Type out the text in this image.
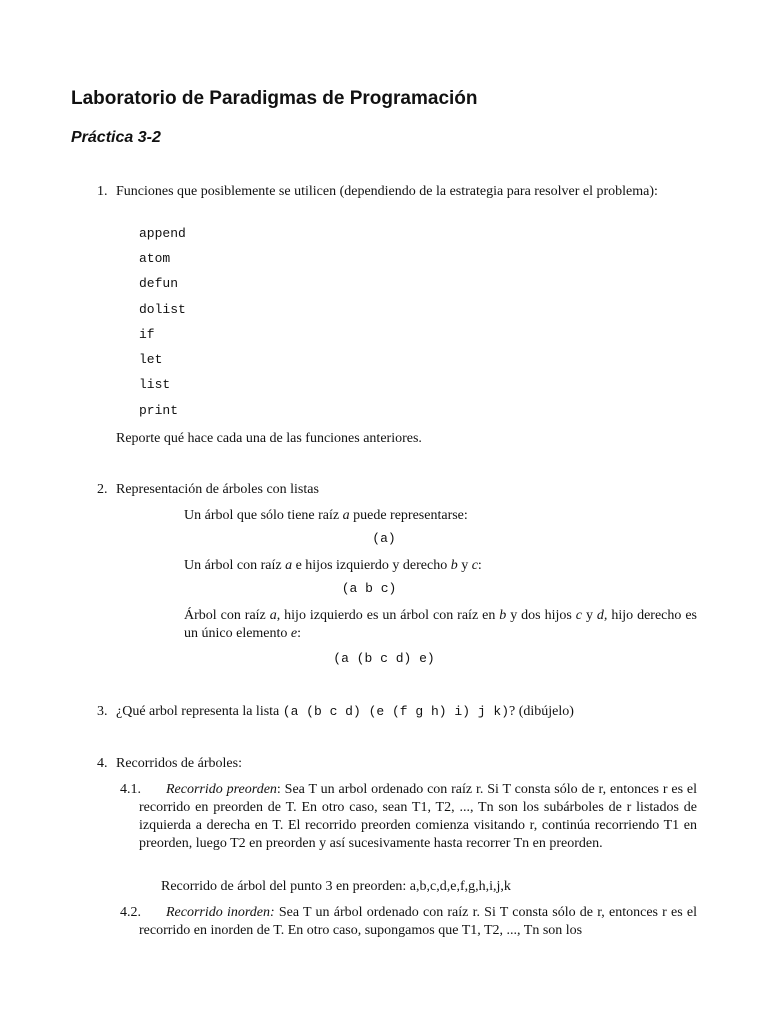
Laboratorio de Paradigmas de Programación
Práctica 3-2
1. Funciones que posiblemente se utilicen (dependiendo de la estrategia para resolver el problema):
append
atom
defun
dolist
if
let
list
print
Reporte qué hace cada una de las funciones anteriores.
2. Representación de árboles con listas
Un árbol que sólo tiene raíz a puede representarse:
(a)
Un árbol con raíz a e hijos izquierdo y derecho b y c:
(a b c)
Árbol con raíz a, hijo izquierdo es un árbol con raíz en b y dos hijos c y d, hijo derecho es un único elemento e:
(a (b c d) e)
3. ¿Qué arbol representa la lista (a (b c d) (e (f g h) i) j k)? (dibújelo)
4. Recorridos de árboles:
4.1.	Recorrido preorden: Sea T un arbol ordenado con raíz r. Si T consta sólo de r, entonces r es el recorrido en preorden de T. En otro caso, sean T1, T2, ..., Tn son los subárboles de r listados de izquierda a derecha en T. El recorrido preorden comienza visitando r, continúa recorriendo T1 en preorden, luego T2 en preorden y así sucesivamente hasta recorrer Tn en preorden.
Recorrido de árbol del punto 3 en preorden: a,b,c,d,e,f,g,h,i,j,k
4.2.	Recorrido inorden: Sea T un árbol ordenado con raíz r. Si T consta sólo de r, entonces r es el recorrido en inorden de T. En otro caso, supongamos que T1, T2, ..., Tn son los
